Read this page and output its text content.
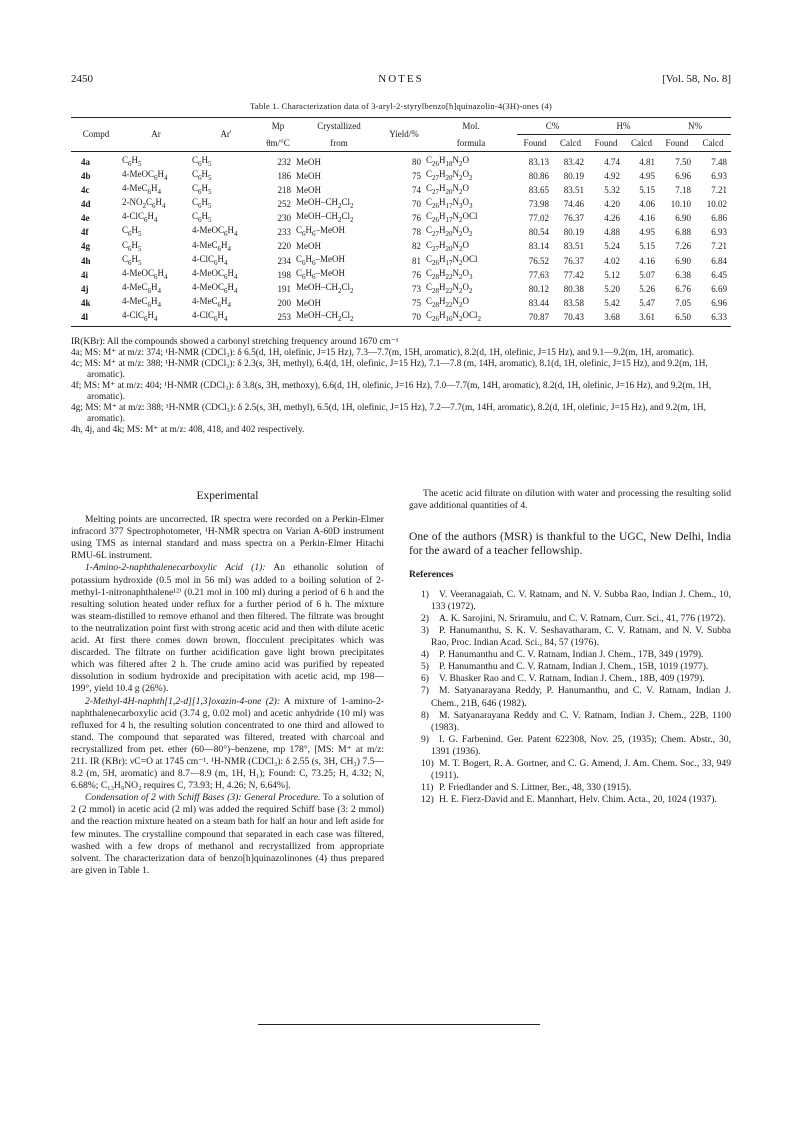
2450	NOTES	[Vol. 58, No. 8]
Table 1. Characterization data of 3-aryl-2-styrylbenzo[h]quinazolin-4(3H)-ones (4)
Compd	Ar	Ar'	Mp	Crystallized	Yield/%	Mol.	C%		H%		N%	
			θm/°C	from		formula	Found	Calcd	Found	Calcd	Found	Calcd
4a	$C_6H_5$	$C_6H_5$	232	MeOH	80	$C_{26}H_{18}N_2O$	83.13	83.42	4.74	4.81	7.50	7.48
4b	$4-MeOC_6H_4$	$C_6H_5$	186	MeOH	75	$C_{27}H_{20}N_2O_2$	80.86	80.19	4.92	4.95	6.96	6.93
4c	$4-MeC_6H_4$	$C_6H_5$	218	MeOH	74	$C_{27}H_{20}N_2O$	83.65	83.51	5.32	5.15	7.18	7.21
4d	$2-NO_2C_6H_4$	$C_6H_5$	252	MeOH–$CH_2Cl_2$	70	$C_{26}H_{17}N_3O_3$	73.98	74.46	4.20	4.06	10.10	10.02
4e	$4-ClC_6H_4$	$C_6H_5$	230	MeOH–$CH_2Cl_2$	76	$C_{26}H_{17}N_2OCl$	77.02	76.37	4.26	4.16	6.90	6.86
4f	$C_6H_5$	$4-MeOC_6H_4$	233	$C_6H_6$–MeOH	78	$C_{27}H_{20}N_2O_2$	80.54	80.19	4.88	4.95	6.88	6.93
4g	$C_6H_5$	$4-MeC_6H_4$	220	MeOH	82	$C_{27}H_{20}N_2O$	83.14	83.51	5.24	5.15	7.26	7.21
4h	$C_6H_5$	$4-ClC_6H_4$	234	$C_6H_6$–MeOH	81	$C_{26}H_{17}N_2OCl$	76.52	76.37	4.02	4.16	6.90	6.84
4i	$4-MeOC_6H_4$	$4-MeOC_6H_4$	198	$C_6H_6$–MeOH	76	$C_{28}H_{22}N_2O_3$	77.63	77.42	5.12	5.07	6.38	6.45
4j	$4-MeC_6H_4$	$4-MeOC_6H_4$	191	MeOH–$CH_2Cl_2$	73	$C_{28}H_{22}N_2O_2$	80.12	80.38	5.20	5.26	6.76	6.69
4k	$4-MeC_6H_4$	$4-MeC_6H_4$	200	MeOH	75	$C_{28}H_{22}N_2O$	83.44	83.58	5.42	5.47	7.05	6.96
4l	$4-ClC_6H_4$	$4-ClC_6H_4$	253	MeOH–$CH_2Cl_2$	70	$C_{26}H_{16}N_2OCl_2$	70.87	70.43	3.68	3.61	6.50	6.33

IR(KBr): All the compounds showed a carbonyl stretching frequency around 1670 cm⁻¹

4a; MS: M⁺ at m/z: 374; ¹H-NMR (CDCl₃): δ 6.5(d, 1H, olefinic, J=15 Hz), 7.3—7.7(m, 15H, aromatic), 8.2(d, 1H, olefinic, J=15 Hz), and 9.1—9.2(m, 1H, aromatic).

4c; MS: M⁺ at m/z: 388; ¹H-NMR (CDCl₃): δ 2.3(s, 3H, methyl), 6.4(d, 1H, olefinic, J=15 Hz), 7.1—7.8 (m, 14H, aromatic), 8.1(d, 1H, olefinic, J=15 Hz), and 9.2(m, 1H, aromatic).

4f; MS: M⁺ at m/z: 404; ¹H-NMR (CDCl₃): δ 3.8(s, 3H, methoxy), 6.6(d, 1H, olefinic, J=16 Hz), 7.0—7.7(m, 14H, aromatic), 8.2(d, 1H, olefinic, J=16 Hz), and 9.2(m, 1H, aromatic).

4g; MS: M⁺ at m/z: 388; ¹H-NMR (CDCl₃): δ 2.5(s, 3H, methyl), 6.5(d, 1H, olefinic, J=15 Hz), 7.2—7.7(m, 14H, aromatic), 8.2(d, 1H, olefinic, J=15 Hz), and 9.2(m, 1H, aromatic).

4h, 4j, and 4k; MS: M⁺ at m/z: 408, 418, and 402 respectively.

Experimental

Melting points are uncorrected. IR spectra were recorded on a Perkin-Elmer infracord 377 Spectrophotometer, ¹H-NMR spectra on Varian A-60D instrument using TMS as internal standard and mass spectra on a Perkin-Elmer Hitachi RMU-6L instrument.

1-Amino-2-naphthalenecarboxylic Acid (1): An ethanolic solution of potassium hydroxide (0.5 mol in 56 ml) was added to a boiling solution of 2-methyl-1-nitronaphthalene¹²⁾ (0.21 mol in 100 ml) during a period of 6 h and the resulting solution heated under reflux for a further period of 6 h. The mixture was steam-distilled to remove ethanol and then filtered. The filtrate was brought to the neutralization point first with strong acetic acid and then with dilute acetic acid. At first there comes down brown, flocculent precipitates which was discarded. The filtrate on further acidification gave light brown precipitates which was filtered after 2 h. The crude amino acid was purified by repeated dissolution in sodium hydroxide and precipitation with acetic acid, mp 198—199°, yield 10.4 g (26%).

2-Methyl-4H-naphth[1,2-d][1,3]oxazin-4-one (2): A mixture of 1-amino-2-naphthalenecarboxylic acid (3.74 g, 0.02 mol) and acetic anhydride (10 ml) was refluxed for 4 h, the resulting solution concentrated to one third and allowed to stand. The compound that separated was filtered, treated with charcoal and recrystallized from pet. ether (60—80°)–benzene, mp 178°, [MS: M⁺ at m/z: 211. IR (KBr): νC=O at 1745 cm⁻¹. ¹H-NMR (CDCl₃): δ 2.55 (s, 3H, CH₃) 7.5—8.2 (m, 5H, aromatic) and 8.7—8.9 (m, 1H, H₁); Found: C, 73.25; H, 4.32; N, 6.68%; C₁₃H₉NO₂ requires C, 73.93; H, 4.26; N, 6.64%].

Condensation of 2 with Schiff Bases (3): General Procedure. To a solution of 2 (2 mmol) in acetic acid (2 ml) was added the required Schiff base (3: 2 mmol) and the reaction mixture heated on a steam bath for half an hour and left aside for few minutes. The crystalline compound that separated in each case was filtered, washed with a few drops of methanol and recrystallized from appropriate solvent. The characterization data of benzo[h]quinazolinones (4) thus prepared are given in Table 1.

The acetic acid filtrate on dilution with water and processing the resulting solid gave additional quantities of 4.

One of the authors (MSR) is thankful to the UGC, New Delhi, India for the award of a teacher fellowship.

References

1) V. Veeranagaiah, C. V. Ratnam, and N. V. Subba Rao, Indian J. Chem., 10, 133 (1972).

2) A. K. Sarojini, N. Sriramulu, and C. V. Ratnam, Curr. Sci., 41, 776 (1972).

3) P. Hanumanthu, S. K. V. Seshavatharam, C. V. Ratnam, and N. V. Subba Rao, Proc. Indian Acad. Sci., 84, 57 (1976).

4) P. Hanumanthu and C. V. Ratnam, Indian J. Chem., 17B, 349 (1979).

5) P. Hanumanthu and C. V. Ratnam, Indian J. Chem., 15B, 1019 (1977).

6) V. Bhasker Rao and C. V. Ratnam, Indian J. Chem., 18B, 409 (1979).

7) M. Satyanarayana Reddy, P. Hanumanthu, and C. V. Ratnam, Indian J. Chem., 21B, 646 (1982).

8) M. Satyanarayana Reddy and C. V. Ratnam, Indian J. Chem., 22B, 1100 (1983).

9) I. G. Farbenind. Ger. Patent 622308, Nov. 25, (1935); Chem. Abstr., 30, 1391 (1936).

10) M. T. Bogert, R. A. Gortner, and C. G. Amend, J. Am. Chem. Soc., 33, 949 (1911).

11) P. Friedlander and S. Littner, Ber., 48, 330 (1915).

12) H. E. Fierz-David and E. Mannhart, Helv. Chim. Acta., 20, 1024 (1937).
